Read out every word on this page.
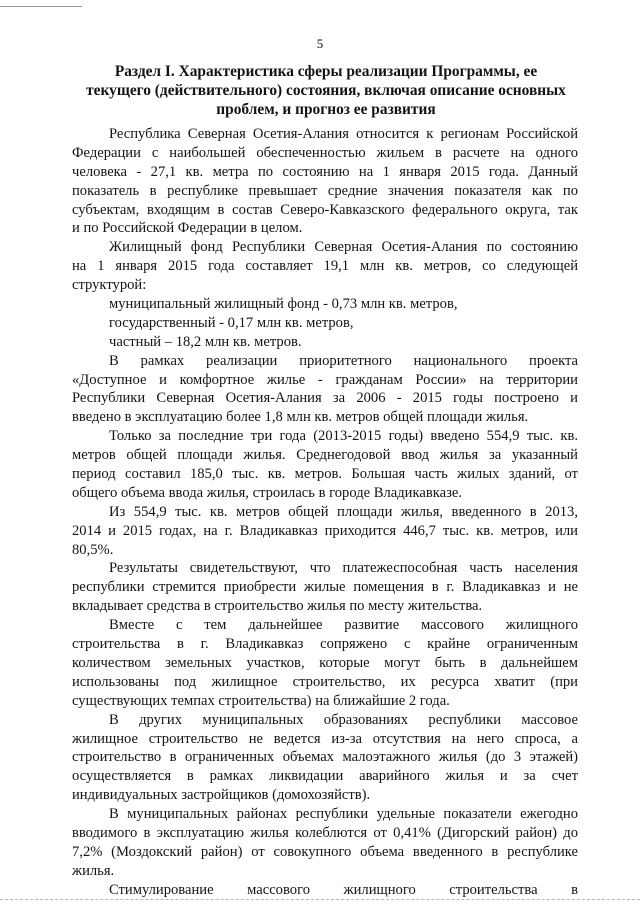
5
Раздел I. Характеристика сферы реализации Программы, ее
текущего (действительного) состояния, включая описание основных
проблем, и прогноз ее развития
Республика Северная Осетия-Алания относится к регионам Российской
Федерации с наибольшей обеспеченностью жильем в расчете на одного
человека - 27,1 кв. метра по состоянию на 1 января 2015 года. Данный
показатель в республике превышает средние значения показателя как по
субъектам, входящим в состав Северо-Кавказского федерального округа, так
и по Российской Федерации в целом.
Жилищный фонд Республики Северная Осетия-Алания по состоянию
на 1 января 2015 года составляет 19,1 млн кв. метров, со следующей
структурой:
муниципальный жилищный фонд - 0,73 млн кв. метров,
государственный - 0,17 млн кв. метров,
частный – 18,2 млн кв. метров.
В рамках реализации приоритетного национального проекта
«Доступное и комфортное жилье - гражданам России» на территории
Республики Северная Осетия-Алания за 2006 - 2015 годы построено и
введено в эксплуатацию более 1,8 млн кв. метров общей площади жилья.
Только за последние три года (2013-2015 годы) введено 554,9 тыс. кв.
метров общей площади жилья. Среднегодовой ввод жилья за указанный
период составил 185,0 тыс. кв. метров. Большая часть жилых зданий, от
общего объема ввода жилья, строилась в городе Владикавказе.
Из 554,9 тыс. кв. метров общей площади жилья, введенного в 2013,
2014 и 2015 годах, на г. Владикавказ приходится 446,7 тыс. кв. метров, или
80,5%.
Результаты свидетельствуют, что платежеспособная часть населения
республики стремится приобрести жилые помещения в г. Владикавказ и не
вкладывает средства в строительство жилья по месту жительства.
Вместе с тем дальнейшее развитие массового жилищного
строительства в г. Владикавказ сопряжено с крайне ограниченным
количеством земельных участков, которые могут быть в дальнейшем
использованы под жилищное строительство, их ресурса хватит (при
существующих темпах строительства) на ближайшие 2 года.
В других муниципальных образованиях республики массовое
жилищное строительство не ведется из-за отсутствия на него спроса, а
строительство в ограниченных объемах малоэтажного жилья (до 3 этажей)
осуществляется в рамках ликвидации аварийного жилья и за счет
индивидуальных застройщиков (домохозяйств).
В муниципальных районах республики удельные показатели ежегодно
вводимого в эксплуатацию жилья колеблются от 0,41% (Дигорский район) до
7,2% (Моздокский район) от совокупного объема введенного в республике
жилья.
Стимулирование массового жилищного строительства в
